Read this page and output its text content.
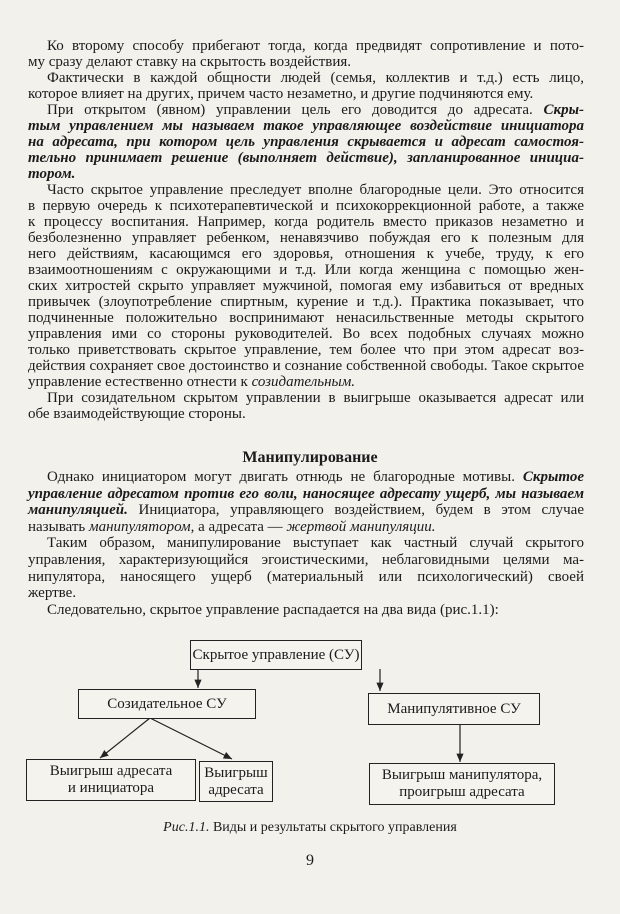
Ко второму способу прибегают тогда, когда предвидят сопротивление и пото-
му сразу делают ставку на скрытость воздействия.
Фактически в каждой общности людей (семья, коллектив и т.д.) есть лицо,
которое влияет на других, причем часто незаметно, и другие подчиняются ему.
При открытом (явном) управлении цель его доводится до адресата. Скры-
тым управлением мы называем такое управляющее воздействие инициатора
на адресата, при котором цель управления скрывается и адресат самостоя-
тельно принимает решение (выполняет действие), запланированное инициа-
тором.
Часто скрытое управление преследует вполне благородные цели. Это относится
в первую очередь к психотерапевтической и психокоррекционной работе, а также
к процессу воспитания. Например, когда родитель вместо приказов незаметно и
безболезненно управляет ребенком, ненавязчиво побуждая его к полезным для
него действиям, касающимся его здоровья, отношения к учебе, труду, к его
взаимоотношениям с окружающими и т.д. Или когда женщина с помощью жен-
ских хитростей скрыто управляет мужчиной, помогая ему избавиться от вредных
привычек (злоупотребление спиртным, курение и т.д.). Практика показывает, что
подчиненные положительно воспринимают ненасильственные методы скрытого
управления ими со стороны руководителей. Во всех подобных случаях можно
только приветствовать скрытое управление, тем более что при этом адресат воз-
действия сохраняет свое достоинство и сознание собственной свободы. Такое скрытое
управление естественно отнести к созидательным.
При созидательном скрытом управлении в выигрыше оказывается адресат или
обе взаимодействующие стороны.
Манипулирование
Однако инициатором могут двигать отнюдь не благородные мотивы. Скрытое
управление адресатом против его воли, наносящее адресату ущерб, мы называем
манипуляцией. Инициатора, управляющего воздействием, будем в этом случае
называть манипулятором, а адресата — жертвой манипуляции.
Таким образом, манипулирование выступает как частный случай скрытого
управления, характеризующийся эгоистическими, неблаговидными целями ма-
нипулятора, наносящего ущерб (материальный или психологический) своей
жертве.
Следовательно, скрытое управление распадается на два вида (рис.1.1):
Скрытое управление (СУ)
Созидательное СУ	Манипулятивное СУ
Выигрыш адресата
и инициатора
Выигрыш
адресата
Выигрыш манипулятора,
проигрыш адресата
Рис.1.1. Виды и результаты скрытого управления
9
